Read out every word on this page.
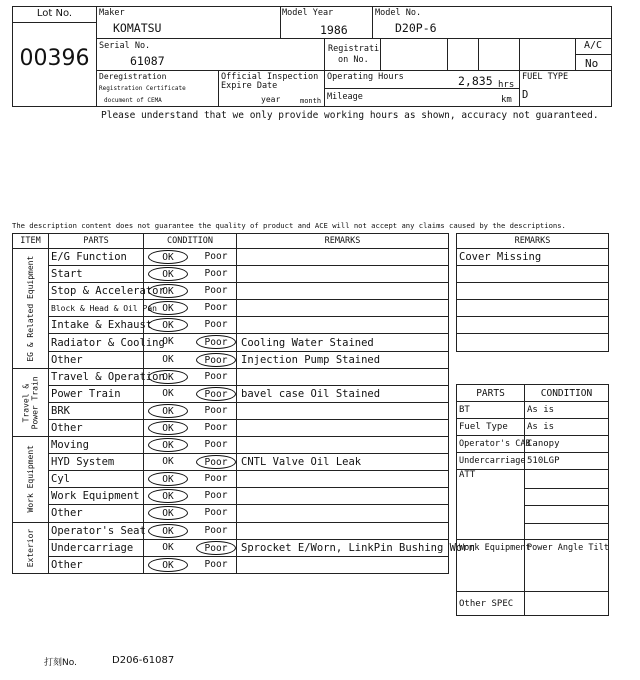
Lot No.
00396
Maker
KOMATSU
Model Year
1986
Model No.
D20P-6
Serial No.
61087
Registrati
on No.
A/C
No
Deregistration
Registration Certificate
document of CEMA
Official Inspection
Expire Date
year	month
Operating Hours	2,835 hrs
Mileage	km
FUEL TYPE
D
Please understand that we only provide working hours as shown, accuracy not guaranteed.
The description content does not guarantee the quality of product and ACE will not accept any claims caused by the descriptions.
ITEM	PARTS	CONDITION	REMARKS

EG & Related Equipment	E/G Function	OK Poor	

	Start	OK Poor	

	Stop & Accelerator	OK Poor	

	Block & Head & Oil Pan	OK Poor	

	Intake & Exhaust	OK Poor	

	Radiator & Cooling	OK Poor	Cooling Water Stained
	Other	OK Poor	Injection Pump Stained

Travel & Power Train	Travel & Operation	OK Poor	

	Power Train	OK Poor	bavel case Oil Stained
	BRK	OK Poor	

	Other	OK Poor	

Work Equipment	Moving	OK Poor	

	HYD System	OK Poor	CNTL Valve Oil Leak
	Cyl	OK Poor	

	Work Equipment	OK Poor	

	Other	OK Poor	

Exterior	Operator's Seat	OK Poor	

	Undercarriage	OK Poor	Sprocket E/Worn, LinkPin Bushing Worn
	Other	OK Poor	

REMARKS
Cover Missing

PARTS	CONDITION
BT	As is
Fuel Type	As is
Operator's CAB	Canopy
Undercarriage	510LGP
ATT	

Work Equipment	Power Angle Tilt
Other SPEC	
打刻No.	D206-61087
